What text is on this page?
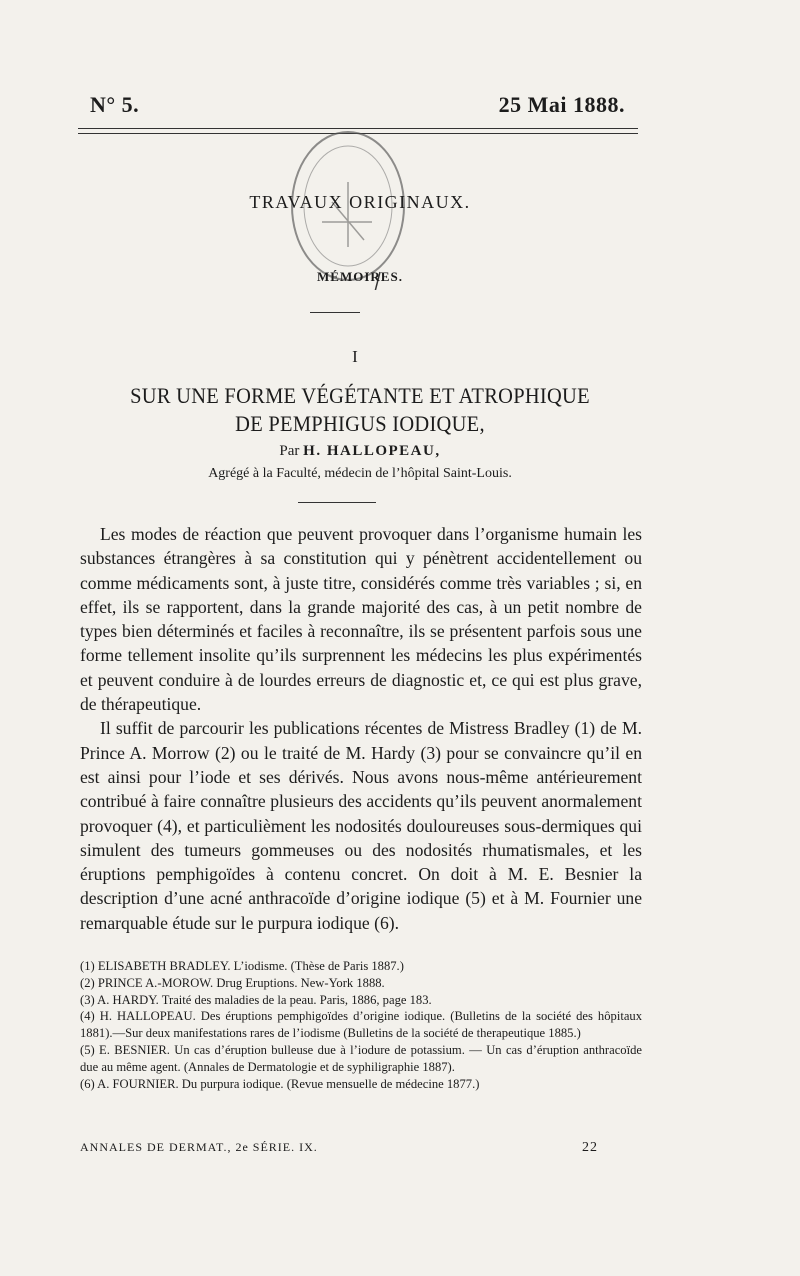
N° 5.	25 Mai 1888.
TRAVAUX ORIGINAUX.
MÉMOIRES.
I
SUR UNE FORME VÉGÉTANTE ET ATROPHIQUE
DE PEMPHIGUS IODIQUE,
Par H. HALLOPEAU,
Agrégé à la Faculté, médecin de l’hôpital Saint-Louis.

Les modes de réaction que peuvent provoquer dans l’organisme humain les substances étrangères à sa constitution qui y pénètrent accidentellement ou comme médicaments sont, à juste titre, considérés comme très variables ; si, en effet, ils se rapportent, dans la grande majorité des cas, à un petit nombre de types bien déterminés et faciles à reconnaître, ils se présentent parfois sous une forme tellement insolite qu’ils surprennent les médecins les plus expérimentés et peuvent conduire à de lourdes erreurs de diagnostic et, ce qui est plus grave, de thérapeutique.

Il suffit de parcourir les publications récentes de Mistress Bradley (1) de M. Prince A. Morrow (2) ou le traité de M. Hardy (3) pour se convaincre qu’il en est ainsi pour l’iode et ses dérivés. Nous avons nous-même antérieurement contribué à faire connaître plusieurs des accidents qu’ils peuvent anormalement provoquer (4), et particulièment les nodosités douloureuses sous-dermiques qui simulent des tumeurs gommeuses ou des nodosités rhumatismales, et les éruptions pemphigoïdes à contenu concret. On doit à M. E. Besnier la description d’une acné anthracoïde d’origine iodique (5) et à M. Fournier une remarquable étude sur le purpura iodique (6).

(1) ELISABETH BRADLEY. L’iodisme. (Thèse de Paris 1887.)

(2) PRINCE A.-MOROW. Drug Eruptions. New-York 1888.

(3) A. HARDY. Traité des maladies de la peau. Paris, 1886, page 183.

(4) H. HALLOPEAU. Des éruptions pemphigoïdes d’origine iodique. (Bulletins de la société des hôpitaux 1881).—Sur deux manifestations rares de l’iodisme (Bulletins de la société de therapeutique 1885.)

(5) E. BESNIER. Un cas d’éruption bulleuse due à l’iodure de potassium. — Un cas d’éruption anthracoïde due au même agent. (Annales de Dermatologie et de syphiligraphie 1887).

(6) A. FOURNIER. Du purpura iodique. (Revue mensuelle de médecine 1877.)

ANNALES DE DERMAT., 2e SÉRIE. IX.	22
